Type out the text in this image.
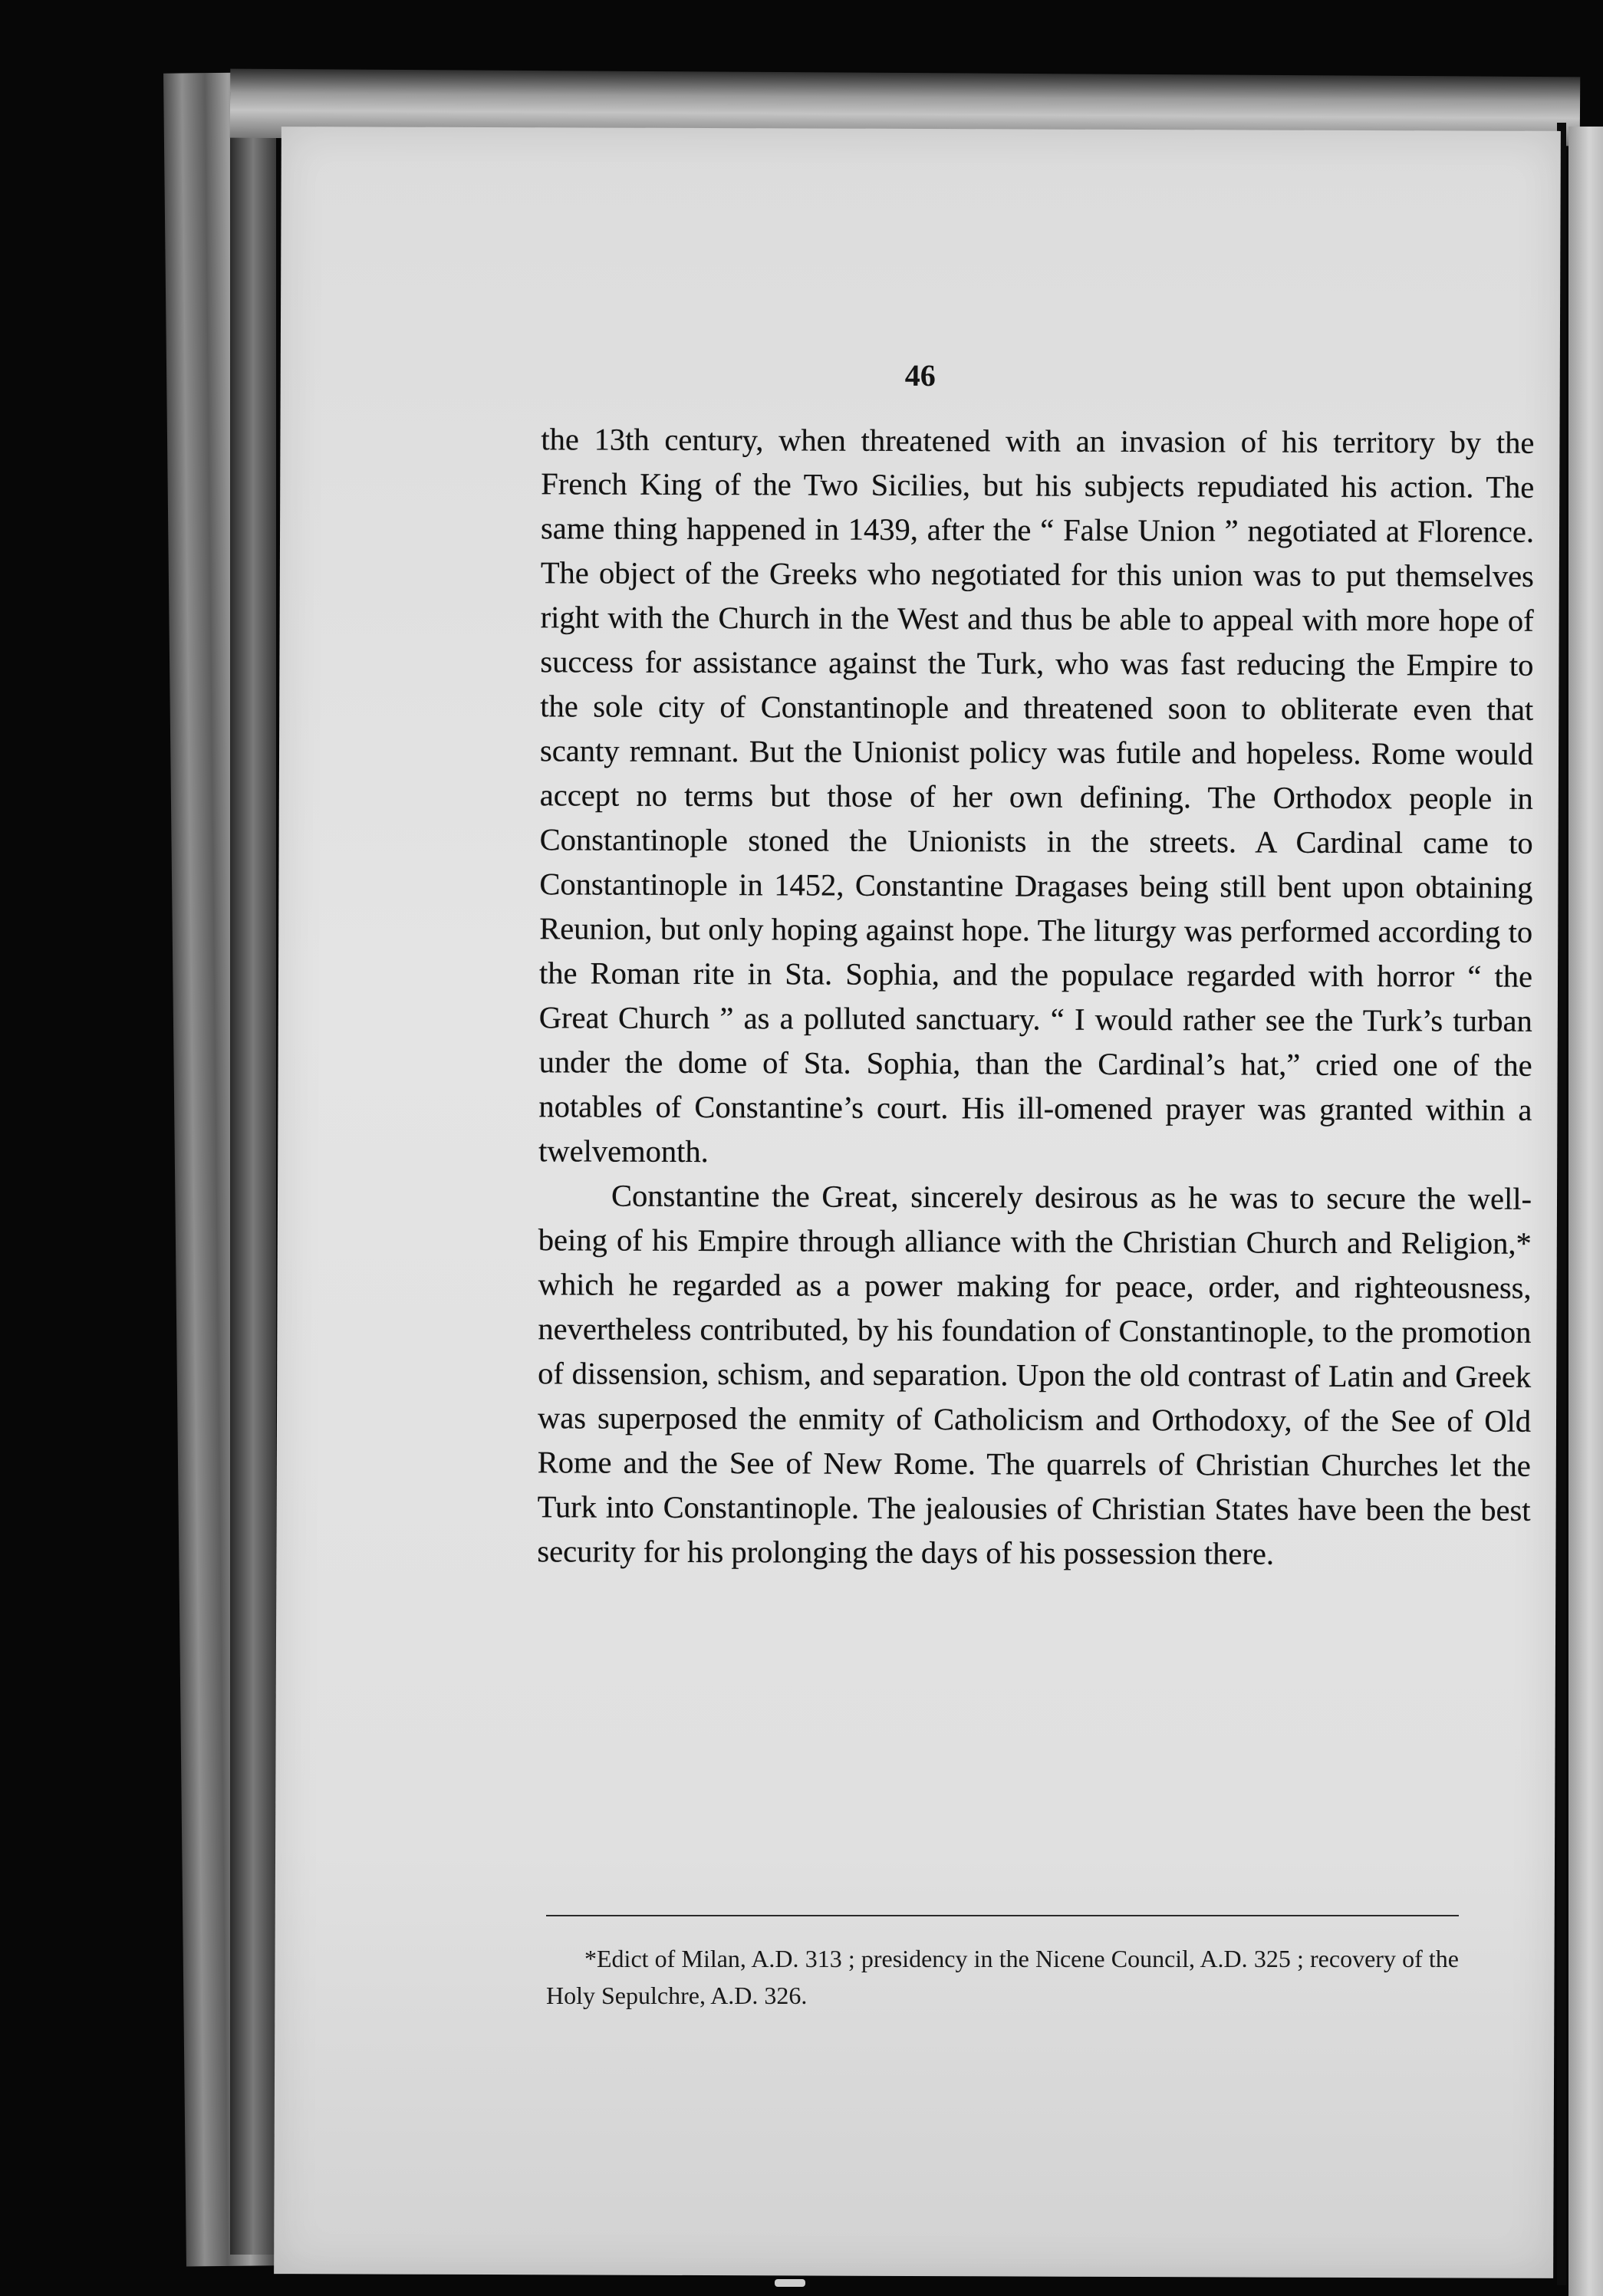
46

the 13th century, when threatened with an invasion of his territory by the French King of the Two Sicilies, but his subjects repudiated his action. The same thing happened in 1439, after the “ False Union ” negotiated at Florence. The object of the Greeks who negotiated for this union was to put themselves right with the Church in the West and thus be able to appeal with more hope of success for assistance against the Turk, who was fast reducing the Empire to the sole city of Constantinople and threatened soon to obliterate even that scanty remnant. But the Unionist policy was futile and hopeless. Rome would accept no terms but those of her own defining. The Orthodox people in Constantinople stoned the Unionists in the streets. A Cardinal came to Constantinople in 1452, Constantine Dragases being still bent upon obtaining Reunion, but only hoping against hope. The liturgy was performed according to the Roman rite in Sta. Sophia, and the populace regarded with horror “ the Great Church ” as a polluted sanctuary. “ I would rather see the Turk’s turban under the dome of Sta. Sophia, than the Cardinal’s hat,” cried one of the notables of Constantine’s court. His ill-omened prayer was granted within a twelvemonth.

Constantine the Great, sincerely desirous as he was to secure the well-being of his Empire through alliance with the Christian Church and Religion,* which he regarded as a power making for peace, order, and righteousness, nevertheless contributed, by his foundation of Constantinople, to the promotion of dissension, schism, and separation. Upon the old contrast of Latin and Greek was superposed the enmity of Catholicism and Orthodoxy, of the See of Old Rome and the See of New Rome. The quarrels of Christian Churches let the Turk into Constantinople. The jealousies of Christian States have been the best security for his prolonging the days of his possession there.

*Edict of Milan, A.D. 313 ; presidency in the Nicene Council, A.D. 325 ; recovery of the Holy Sepulchre, A.D. 326.
